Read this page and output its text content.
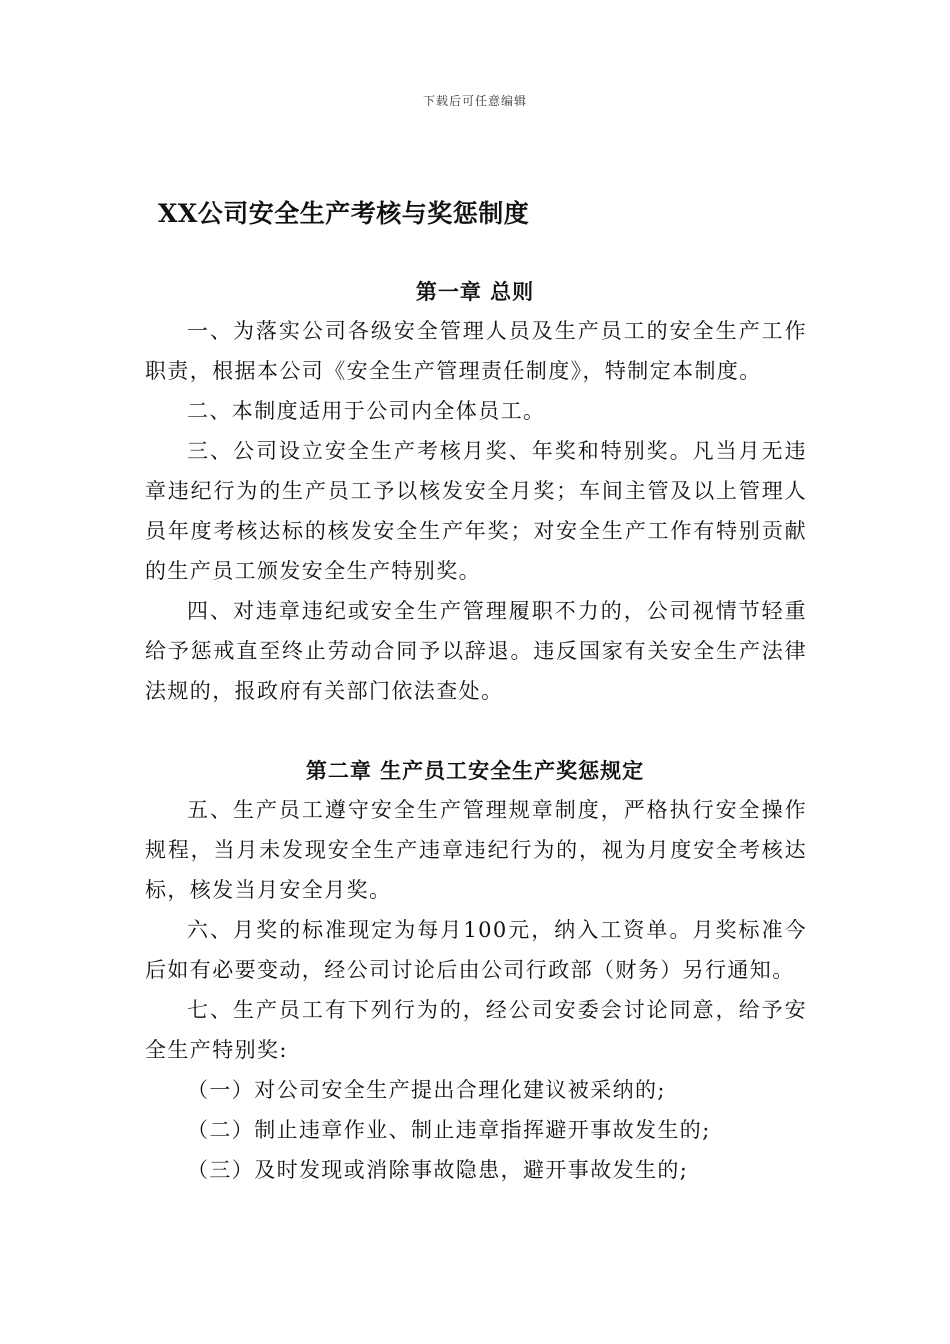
下载后可任意编辑
XX公司安全生产考核与奖惩制度
第一章 总则
一、为落实公司各级安全管理人员及生产员工的安全生产工作职责，根据本公司《安全生产管理责任制度》，特制定本制度。
二、本制度适用于公司内全体员工。
三、公司设立安全生产考核月奖、年奖和特别奖。凡当月无违章违纪行为的生产员工予以核发安全月奖；车间主管及以上管理人员年度考核达标的核发安全生产年奖；对安全生产工作有特别贡献的生产员工颁发安全生产特别奖。
四、对违章违纪或安全生产管理履职不力的，公司视情节轻重给予惩戒直至终止劳动合同予以辞退。违反国家有关安全生产法律法规的，报政府有关部门依法查处。
第二章 生产员工安全生产奖惩规定
五、生产员工遵守安全生产管理规章制度，严格执行安全操作规程，当月未发现安全生产违章违纪行为的，视为月度安全考核达标，核发当月安全月奖。
六、月奖的标准现定为每月100元，纳入工资单。月奖标准今后如有必要变动，经公司讨论后由公司行政部（财务）另行通知。
七、生产员工有下列行为的，经公司安委会讨论同意，给予安全生产特别奖:
（一）对公司安全生产提出合理化建议被采纳的;
（二）制止违章作业、制止违章指挥避开事故发生的;
（三）及时发现或消除事故隐患，避开事故发生的;
